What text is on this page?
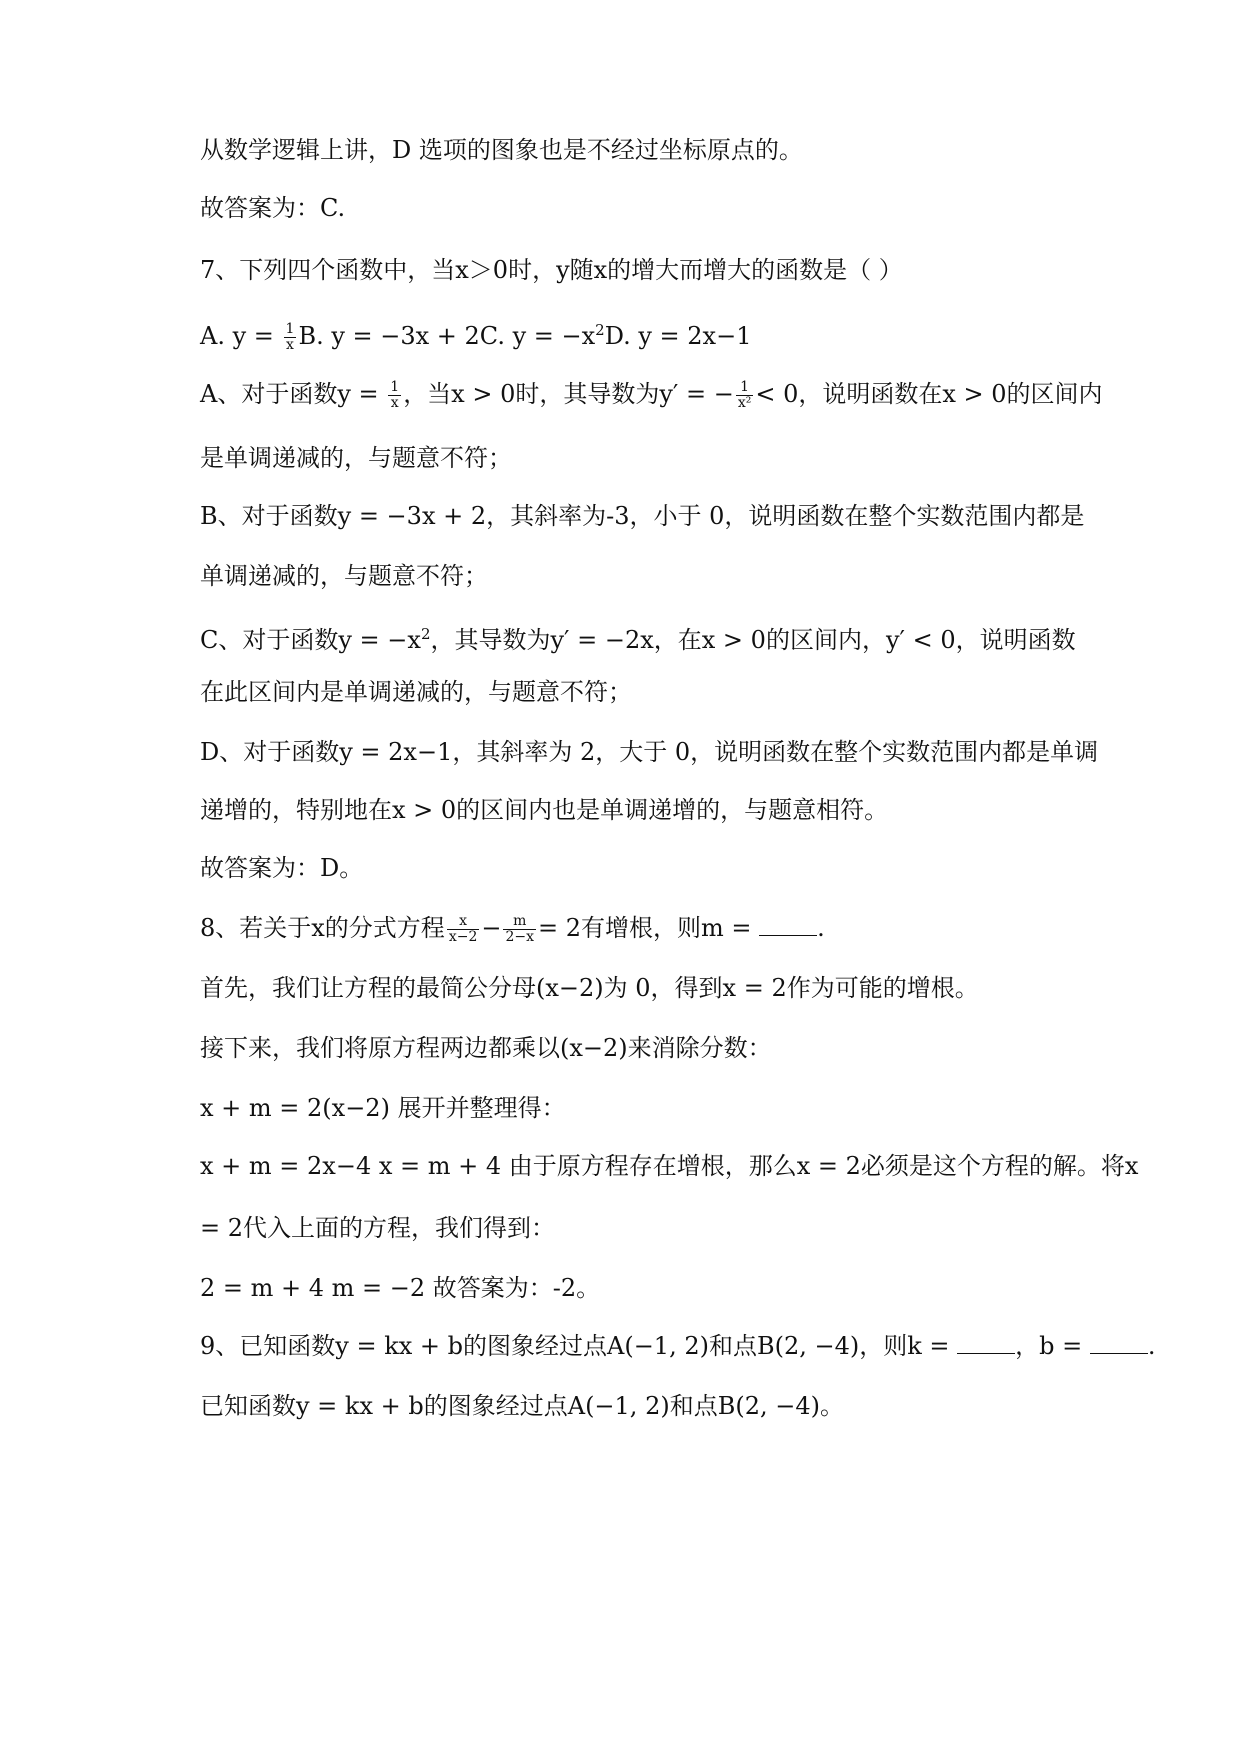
从数学逻辑上讲，D 选项的图象也是不经过坐标原点的。
故答案为：C.
7、下列四个函数中，当x＞0时，y随x的增大而增大的函数是（ ）
A. $y = \frac{1}{x} B$. y = −3x + 2C. $y = -x^2D$. y = 2x−1
A、对于函数$y = \frac{1}{x}$ ，当x > 0时，其导数为y′ = − $\frac{1}{\text{x²}} < 0$，说明函数在x > 0的区间内
是单调递减的，与题意不符；
B、对于函数y = −3x + 2，其斜率为-3，小于 0，说明函数在整个实数范围内都是
单调递减的，与题意不符；
C、对于函数$y = -x^2$，其导数为y′ = −2x，在x > 0的区间内，y′ < 0，说明函数
在此区间内是单调递减的，与题意不符；
D、对于函数y = 2x−1，其斜率为 2，大于 0，说明函数在整个实数范围内都是单调
递增的，特别地在x > 0的区间内也是单调递增的，与题意相符。
故答案为：D。
8、若关于x的分式方程 $\frac{x}{x-2} - \frac{m}{2-x} = 2$有增根，则m = .
首先，我们让方程的最简公分母(x−2)为 0，得到x = 2作为可能的增根。
接下来，我们将原方程两边都乘以(x−2)来消除分数：
x + m = 2(x−2) 展开并整理得：
x + m = 2x−4 x = m + 4 由于原方程存在增根，那么x = 2必须是这个方程的解。将x
= 2代入上面的方程，我们得到：
2 = m + 4 m = −2 故答案为：-2。
9、已知函数y = kx + b的图象经过点A(−1, 2)和点B(2, −4)，则k = ，b = .
已知函数y = kx + b的图象经过点A(−1, 2)和点B(2, −4)。
